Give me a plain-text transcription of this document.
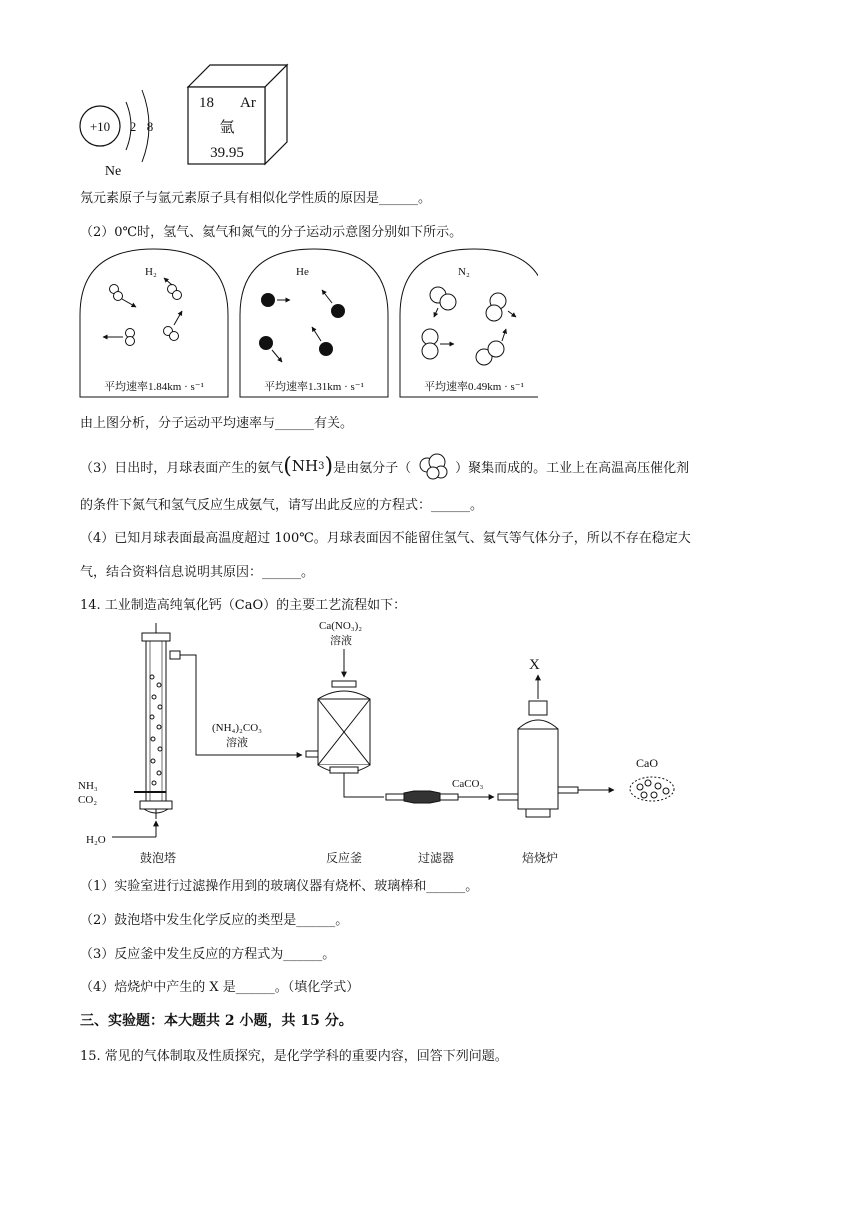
+10 2 8
Ne
18 Ar
氩
39.95
氖元素原子与氩元素原子具有相似化学性质的原因是______。
（2）0℃时，氢气、氦气和氮气的分子运动示意图分别如下所示。
H₂
平均速率1.84km · s⁻¹
He
平均速率1.31km · s⁻¹
N₂
平均速率0.49km · s⁻¹
由上图分析，分子运动平均速率与______有关。
（3）日出时，月球表面产生的氨气 ( NH 3 ) 是由氨分子（	）聚集而成的。工业上在高温高压催化剂
的条件下氮气和氢气反应生成氨气，请写出此反应的方程式：______。
（4）已知月球表面最高温度超过 100℃。月球表面因不能留住氢气、氦气等气体分子，所以不存在稳定大
气，结合资料信息说明其原因：______。
14. 工业制造高纯氧化钙（CaO）的主要工艺流程如下：
NH₃
CO₂
H₂O
(NH₄)₂CO₃
溶液
Ca(NO₃)₂
溶液
CaCO₃
X
CaO
鼓泡塔	反应釜	过滤器	焙烧炉
（1）实验室进行过滤操作用到的玻璃仪器有烧杯、玻璃棒和______。
（2）鼓泡塔中发生化学反应的类型是______。
（3）反应釜中发生反应的方程式为______。
（4）焙烧炉中产生的 X 是______。（填化学式）
三、实验题：本大题共 2 小题，共 15 分。
15. 常见的气体制取及性质探究，是化学学科的重要内容，回答下列问题。
